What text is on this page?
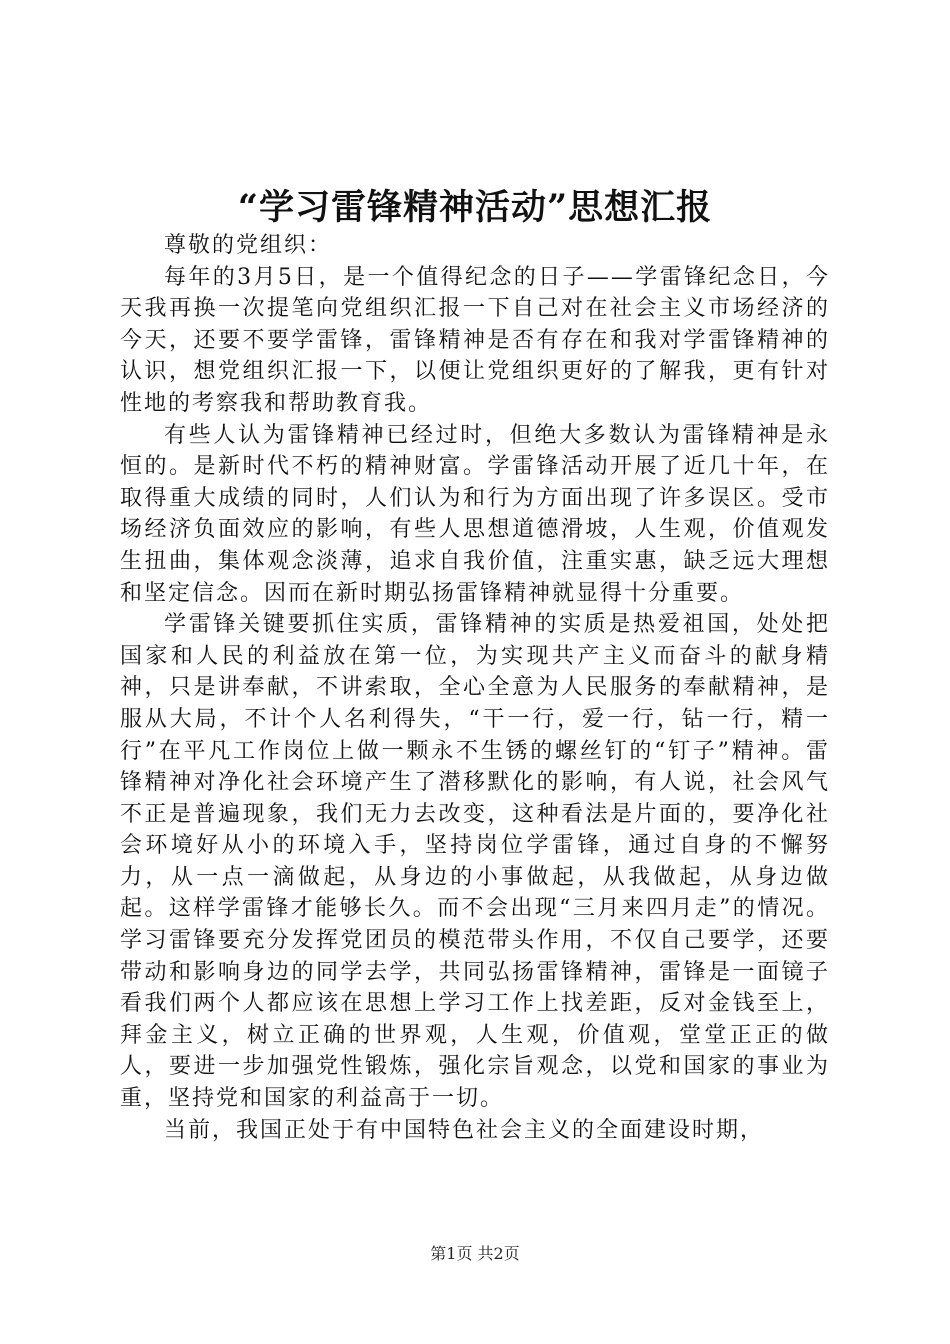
“学习雷锋精神活动”思想汇报

尊敬的党组织：

每年的3月5日，是一个值得纪念的日子——学雷锋纪念日，今天我再换一次提笔向党组织汇报一下自己对在社会主义市场经济的今天，还要不要学雷锋，雷锋精神是否有存在和我对学雷锋精神的认识，想党组织汇报一下，以便让党组织更好的了解我，更有针对性地的考察我和帮助教育我。

有些人认为雷锋精神已经过时，但绝大多数认为雷锋精神是永恒的。是新时代不朽的精神财富。学雷锋活动开展了近几十年，在取得重大成绩的同时，人们认为和行为方面出现了许多误区。受市场经济负面效应的影响，有些人思想道德滑坡，人生观，价值观发生扭曲，集体观念淡薄，追求自我价值，注重实惠，缺乏远大理想和坚定信念。因而在新时期弘扬雷锋精神就显得十分重要。

学雷锋关键要抓住实质，雷锋精神的实质是热爱祖国，处处把国家和人民的利益放在第一位，为实现共产主义而奋斗的献身精神，只是讲奉献，不讲索取，全心全意为人民服务的奉献精神，是服从大局，不计个人名利得失，“干一行，爱一行，钻一行，精一行”在平凡工作岗位上做一颗永不生锈的螺丝钉的“钉子”精神。雷锋精神对净化社会环境产生了潜移默化的影响，有人说，社会风气不正是普遍现象，我们无力去改变，这种看法是片面的，要净化社会环境好从小的环境入手，坚持岗位学雷锋，通过自身的不懈努力，从一点一滴做起，从身边的小事做起，从我做起，从身边做起。这样学雷锋才能够长久。而不会出现“三月来四月走”的情况。学习雷锋要充分发挥党团员的模范带头作用，不仅自己要学，还要带动和影响身边的同学去学，共同弘扬雷锋精神，雷锋是一面镜子看我们两个人都应该在思想上学习工作上找差距，反对金钱至上，拜金主义，树立正确的世界观，人生观，价值观，堂堂正正的做人，要进一步加强党性锻炼，强化宗旨观念，以党和国家的事业为重，坚持党和国家的利益高于一切。

当前，我国正处于有中国特色社会主义的全面建设时期，

第1页 共2页
